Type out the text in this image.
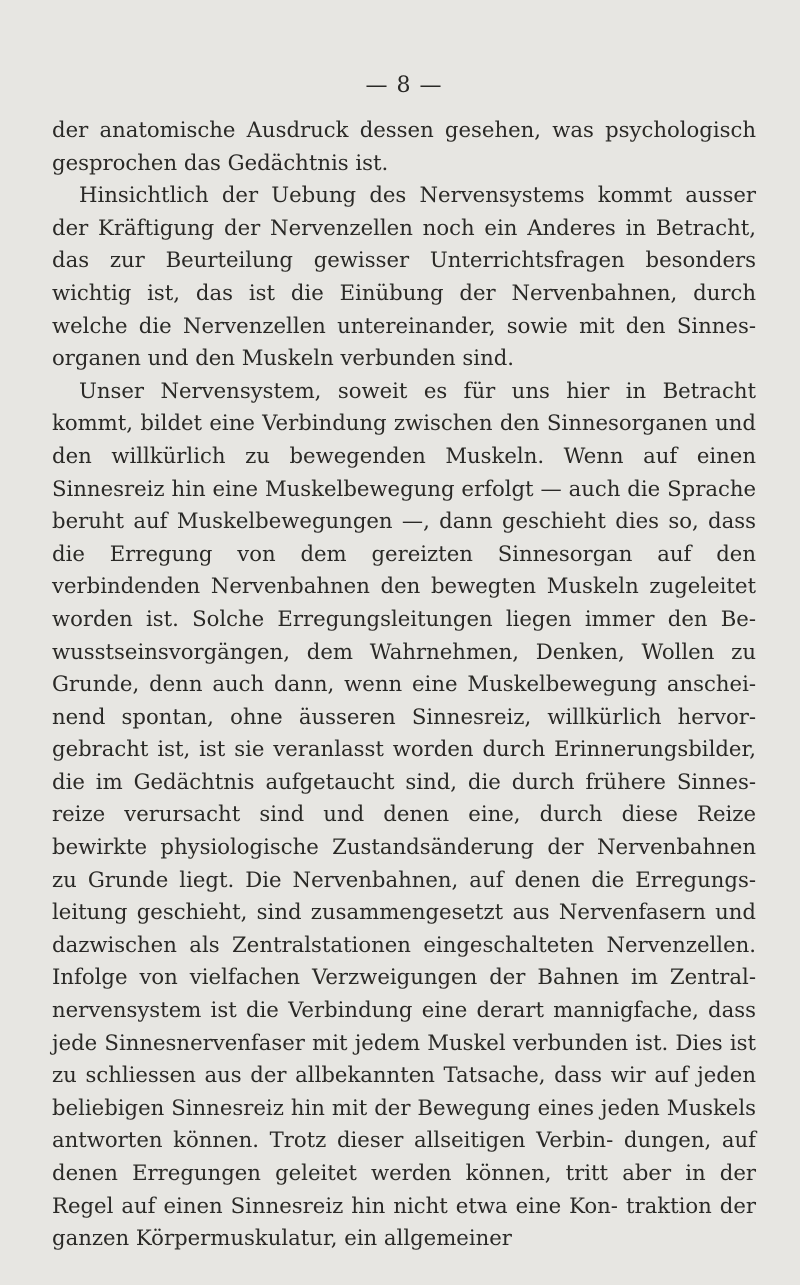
— 8 —

der anatomische Ausdruck dessen gesehen, was psychologisch gesprochen das Gedächtnis ist.

Hinsichtlich der Uebung des Nervensystems kommt ausser der Kräftigung der Nervenzellen noch ein Anderes in Betracht, das zur Beurteilung gewisser Unterrichtsfragen besonders wichtig ist, das ist die Einübung der Nervenbahnen, durch welche die Nervenzellen untereinander, sowie mit den Sinnes- organen und den Muskeln verbunden sind.

Unser Nervensystem, soweit es für uns hier in Betracht kommt, bildet eine Verbindung zwischen den Sinnesorganen und den willkürlich zu bewegenden Muskeln. Wenn auf einen Sinnesreiz hin eine Muskelbewegung erfolgt — auch die Sprache beruht auf Muskelbewegungen —, dann geschieht dies so, dass die Erregung von dem gereizten Sinnesorgan auf den verbindenden Nervenbahnen den bewegten Muskeln zugeleitet worden ist. Solche Erregungsleitungen liegen immer den Be- wusstseinsvorgängen, dem Wahrnehmen, Denken, Wollen zu Grunde, denn auch dann, wenn eine Muskelbewegung anschei- nend spontan, ohne äusseren Sinnesreiz, willkürlich hervor- gebracht ist, ist sie veranlasst worden durch Erinnerungsbilder, die im Gedächtnis aufgetaucht sind, die durch frühere Sinnes- reize verursacht sind und denen eine, durch diese Reize bewirkte physiologische Zustandsänderung der Nervenbahnen zu Grunde liegt. Die Nervenbahnen, auf denen die Erregungs- leitung geschieht, sind zusammengesetzt aus Nervenfasern und dazwischen als Zentralstationen eingeschalteten Nervenzellen. Infolge von vielfachen Verzweigungen der Bahnen im Zentral- nervensystem ist die Verbindung eine derart mannigfache, dass jede Sinnesnervenfaser mit jedem Muskel verbunden ist. Dies ist zu schliessen aus der allbekannten Tatsache, dass wir auf jeden beliebigen Sinnesreiz hin mit der Bewegung eines jeden Muskels antworten können. Trotz dieser allseitigen Verbin- dungen, auf denen Erregungen geleitet werden können, tritt aber in der Regel auf einen Sinnesreiz hin nicht etwa eine Kon- traktion der ganzen Körpermuskulatur, ein allgemeiner
